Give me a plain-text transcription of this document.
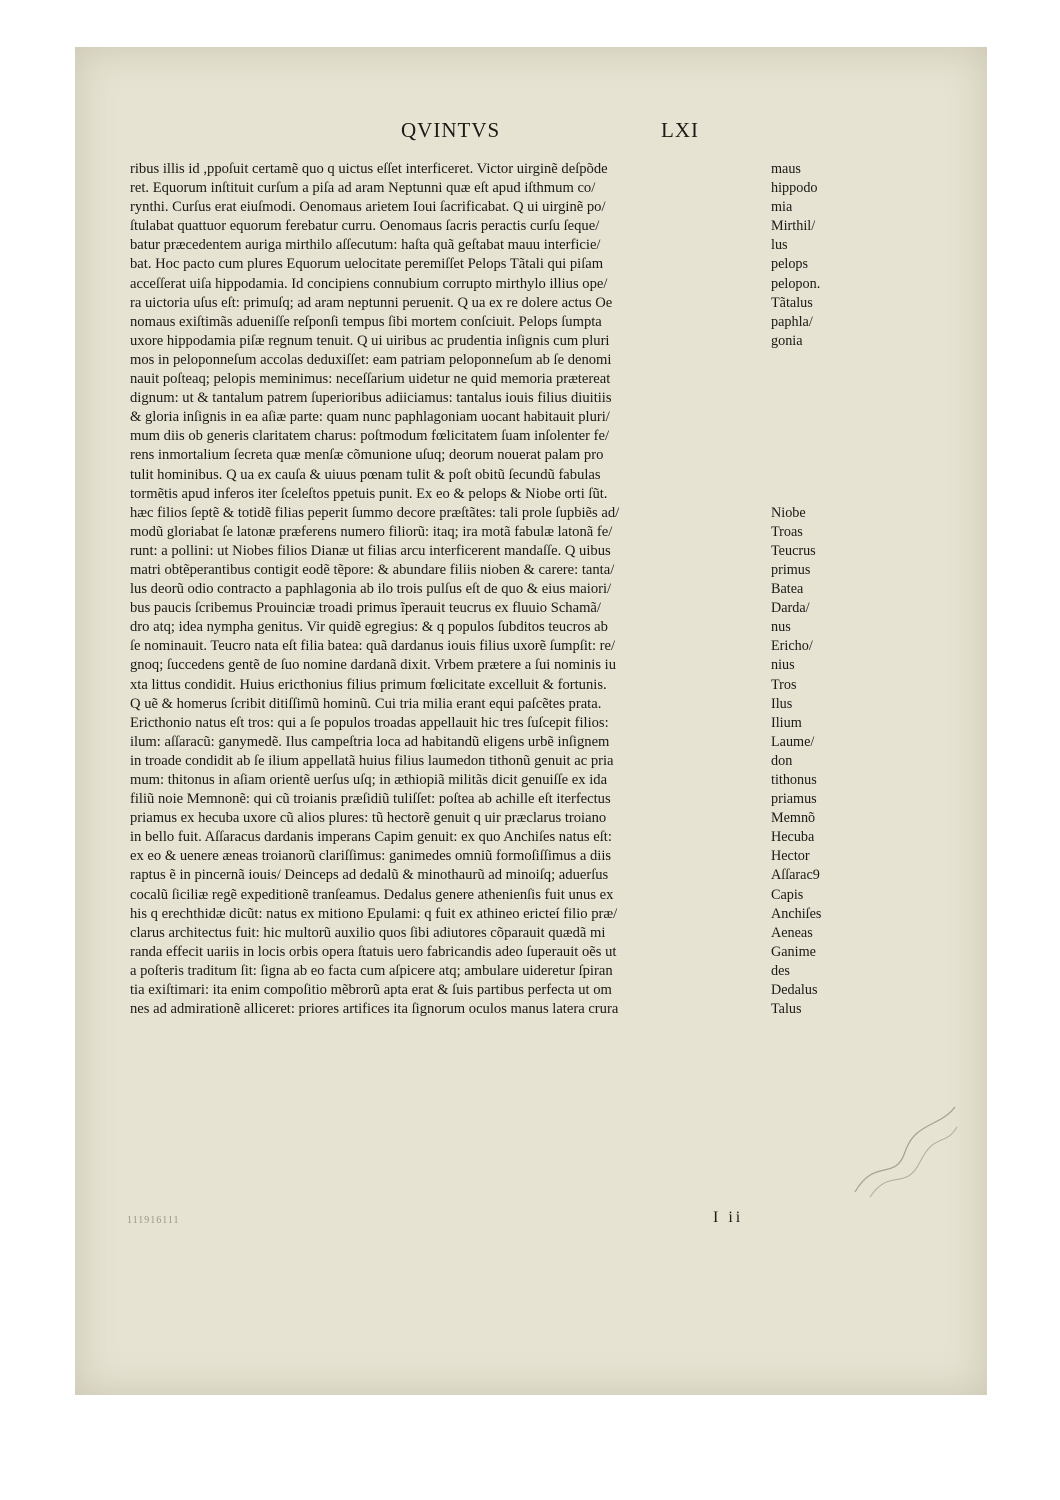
QVINTVS	LXI
ribus illis id ,ppoſuit certamẽ quo q uictus eſſet interficeret. Victor uirginẽ deſpõde
ret. Equorum inſtituit curſum a piſa ad aram Neptunni quæ eſt apud iſthmum co/
rynthi. Curſus erat eiuſmodi. Oenomaus arietem Ioui ſacrificabat. Q ui uirginẽ po/
ſtulabat quattuor equorum ferebatur curru. Oenomaus ſacris peractis curſu ſeque/
batur præcedentem auriga mirthilo aſſecutum: haſta quã geſtabat mauu interficie/
bat. Hoc pacto cum plures Equorum uelocitate peremiſſet Pelops Tãtali qui piſam
acceſſerat uiſa hippodamia. Id concipiens connubium corrupto mirthylo illius ope/
ra uictoria uſus eſt: primuſq; ad aram neptunni peruenit. Q ua ex re dolere actus Oe
nomaus exiſtimãs adueniſſe reſponſi tempus ſibi mortem conſciuit. Pelops ſumpta
uxore hippodamia piſæ regnum tenuit. Q ui uiribus ac prudentia inſignis cum pluri
mos in peloponneſum accolas deduxiſſet: eam patriam peloponneſum ab ſe denomi
nauit poſteaq; pelopis meminimus: neceſſarium uidetur ne quid memoria prætereat
dignum: ut & tantalum patrem ſuperioribus adiiciamus: tantalus iouis filius diuitiis
& gloria inſignis in ea aſiæ parte: quam nunc paphlagoniam uocant habitauit pluri/
mum diis ob generis claritatem charus: poſtmodum fœlicitatem ſuam inſolenter fe/
rens inmortalium ſecreta quæ menſæ cõmunione uſuq; deorum nouerat palam pro
tulit hominibus. Q ua ex cauſa & uiuus pœnam tulit & poſt obitũ ſecundũ fabulas
tormẽtis apud inferos iter ſceleſtos ppetuis punit. Ex eo & pelops & Niobe orti ſũt.
hæc filios ſeptẽ & totidẽ filias peperit ſummo decore præſtãtes: tali prole ſupbiẽs ad/
modũ gloriabat ſe latonæ præferens numero filiorũ: itaq; ira motã fabulæ latonã fe/
runt: a pollini: ut Niobes filios Dianæ ut filias arcu interficerent mandaſſe. Q uibus
matri obtẽperantibus contigit eodẽ tẽpore: & abundare filiis nioben & carere: tanta/
lus deorũ odio contracto a paphlagonia ab ilo trois pulſus eſt de quo & eius maiori/
bus paucis ſcribemus Prouinciæ troadi primus ĩperauit teucrus ex fluuio Schamã/
dro atq; idea nympha genitus. Vir quidẽ egregius: & q populos ſubditos teucros ab
ſe nominauit. Teucro nata eſt filia batea: quã dardanus iouis filius uxorẽ ſumpſit: re/
gnoq; ſuccedens gentẽ de ſuo nomine dardanã dixit. Vrbem prætere a ſui nominis iu
xta littus condidit. Huius ericthonius filius primum fœlicitate excelluit & fortunis.
Q uẽ & homerus ſcribit ditiſſimũ hominũ. Cui tria milia erant equi paſcẽtes prata.
Ericthonio natus eſt tros: qui a ſe populos troadas appellauit hic tres ſuſcepit filios:
ilum: aſſaracũ: ganymedẽ. Ilus campeſtria loca ad habitandũ eligens urbẽ inſignem
in troade condidit ab ſe ilium appellatã huius filius laumedon tithonũ genuit ac pria
mum: thitonus in aſiam orientẽ uerſus uſq; in æthiopiã militãs dicit genuiſſe ex ida
filiũ noie Memnonẽ: qui cũ troianis præſidiũ tuliſſet: poſtea ab achille eſt iterfectus
priamus ex hecuba uxore cũ alios plures: tũ hectorẽ genuit q uir præclarus troiano
in bello fuit. Aſſaracus dardanis imperans Capim genuit: ex quo Anchiſes natus eſt:
ex eo & uenere æneas troianorũ clariſſimus: ganimedes omniũ formoſiſſimus a diis
raptus ẽ in pincernã iouis/ Deinceps ad dedalũ & minothaurũ ad minoiſq; aduerſus
cocalũ ſiciliæ regẽ expeditionẽ tranſeamus. Dedalus genere athenienſis fuit unus ex
his q erechthidæ dicũt: natus ex mitiono Epulami: q fuit ex athineo ericteí filio præ/
clarus architectus fuit: hic multorũ auxilio quos ſibi adiutores cõparauit quædã mi
randa effecit uariis in locis orbis opera ſtatuis uero fabricandis adeo ſuperauit oẽs ut
a poſteris traditum ſit: ſigna ab eo facta cum aſpicere atq; ambulare uideretur ſpiran
tia exiſtimari: ita enim compoſitio mẽbrorũ apta erat & ſuis partibus perfecta ut om
nes ad admirationẽ alliceret: priores artifices ita ſignorum oculos manus latera crura
maus
hippodo
mia
Mirthil/
lus
pelops
pelopon.
Tãtalus
paphla/
gonia
Niobe
Troas
Teucrus
primus
Batea
Darda/
nus
Ericho/
nius
Tros
Ilus
Ilium
Laume/
don
tithonus
priamus
Memnõ
Hecuba
Hector
Aſſarac9
Capis
Anchiſes
Aeneas
Ganime
des
Dedalus
Talus
111916111	I ii
